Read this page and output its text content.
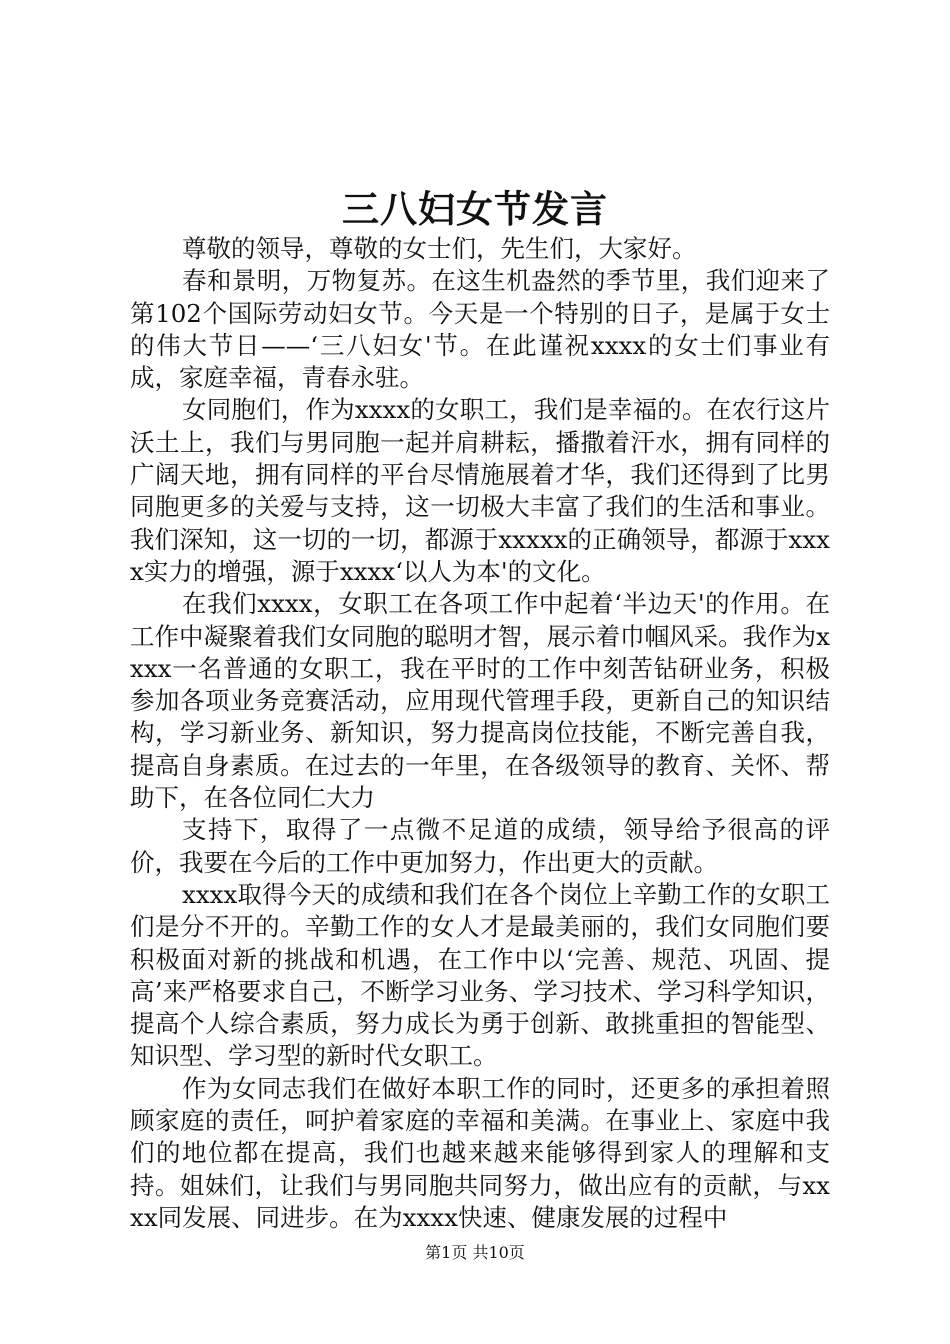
三八妇女节发言

尊敬的领导，尊敬的女士们，先生们，大家好。

春和景明，万物复苏。在这生机盎然的季节里，我们迎来了第102个国际劳动妇女节。今天是一个特别的日子，是属于女士的伟大节日——‘三八妇女'节。在此谨祝xxxx的女士们事业有成，家庭幸福，青春永驻。

女同胞们，作为xxxx的女职工，我们是幸福的。在农行这片沃土上，我们与男同胞一起并肩耕耘，播撒着汗水，拥有同样的广阔天地，拥有同样的平台尽情施展着才华，我们还得到了比男同胞更多的关爱与支持，这一切极大丰富了我们的生活和事业。我们深知，这一切的一切，都源于xxxxx的正确领导，都源于xxxx实力的增强，源于xxxx‘以人为本'的文化。

在我们xxxx，女职工在各项工作中起着‘半边天'的作用。在工作中凝聚着我们女同胞的聪明才智，展示着巾帼风采。我作为xxxx一名普通的女职工，我在平时的工作中刻苦钻研业务，积极参加各项业务竞赛活动，应用现代管理手段，更新自己的知识结构，学习新业务、新知识，努力提高岗位技能，不断完善自我，提高自身素质。在过去的一年里，在各级领导的教育、关怀、帮助下，在各位同仁大力

支持下，取得了一点微不足道的成绩，领导给予很高的评价，我要在今后的工作中更加努力，作出更大的贡献。

xxxx取得今天的成绩和我们在各个岗位上辛勤工作的女职工们是分不开的。辛勤工作的女人才是最美丽的，我们女同胞们要积极面对新的挑战和机遇，在工作中以‘完善、规范、巩固、提高’来严格要求自己，不断学习业务、学习技术、学习科学知识，提高个人综合素质，努力成长为勇于创新、敢挑重担的智能型、知识型、学习型的新时代女职工。

作为女同志我们在做好本职工作的同时，还更多的承担着照顾家庭的责任，呵护着家庭的幸福和美满。在事业上、家庭中我们的地位都在提高，我们也越来越来能够得到家人的理解和支持。姐妹们，让我们与男同胞共同努力，做出应有的贡献，与xxxx同发展、同进步。在为xxxx快速、健康发展的过程中

第1页 共10页
